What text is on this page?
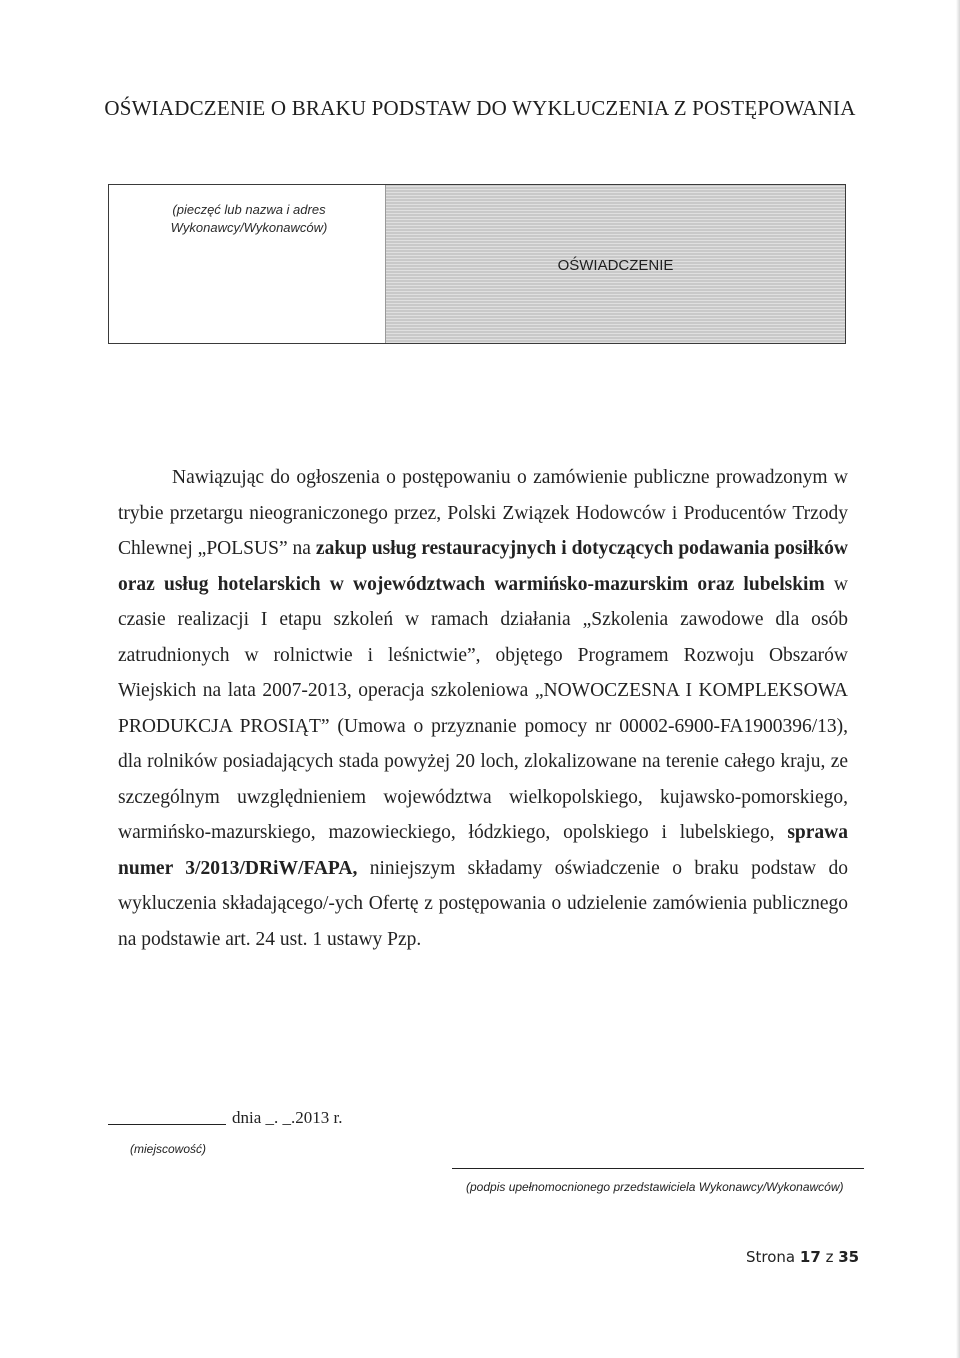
OŚWIADCZENIE O BRAKU PODSTAW DO WYKLUCZENIA Z POSTĘPOWANIA
(pieczęć lub nazwa i adres
Wykonawcy/Wykonawców)
OŚWIADCZENIE
Nawiązując do ogłoszenia o postępowaniu o zamówienie publiczne prowadzonym w trybie przetargu nieograniczonego przez, Polski Związek Hodowców i Producentów Trzody Chlewnej „POLSUS” na zakup usług restauracyjnych i dotyczących podawania posiłków oraz usług hotelarskich w województwach warmińsko-mazurskim oraz lubelskim w czasie realizacji I etapu szkoleń w ramach działania „Szkolenia zawodowe dla osób zatrudnionych w rolnictwie i leśnictwie”, objętego Programem Rozwoju Obszarów Wiejskich na lata 2007-2013, operacja szkoleniowa „NOWOCZESNA I KOMPLEKSOWA PRODUKCJA PROSIĄT” (Umowa o przyznanie pomocy nr 00002-6900-FA1900396/13), dla rolników posiadających stada powyżej 20 loch, zlokalizowane na terenie całego kraju, ze szczególnym uwzględnieniem województwa wielkopolskiego, kujawsko-pomorskiego, warmińsko-mazurskiego, mazowieckiego, łódzkiego, opolskiego i lubelskiego, sprawa numer 3/2013/DRiW/FAPA, niniejszym składamy oświadczenie o braku podstaw do wykluczenia składającego/-ych Ofertę z postępowania o udzielenie zamówienia publicznego na podstawie art. 24 ust. 1 ustawy Pzp.
dnia _. _.2013 r.
(miejscowość)
(podpis upełnomocnionego przedstawiciela Wykonawcy/Wykonawców)
Strona 17 z 35
